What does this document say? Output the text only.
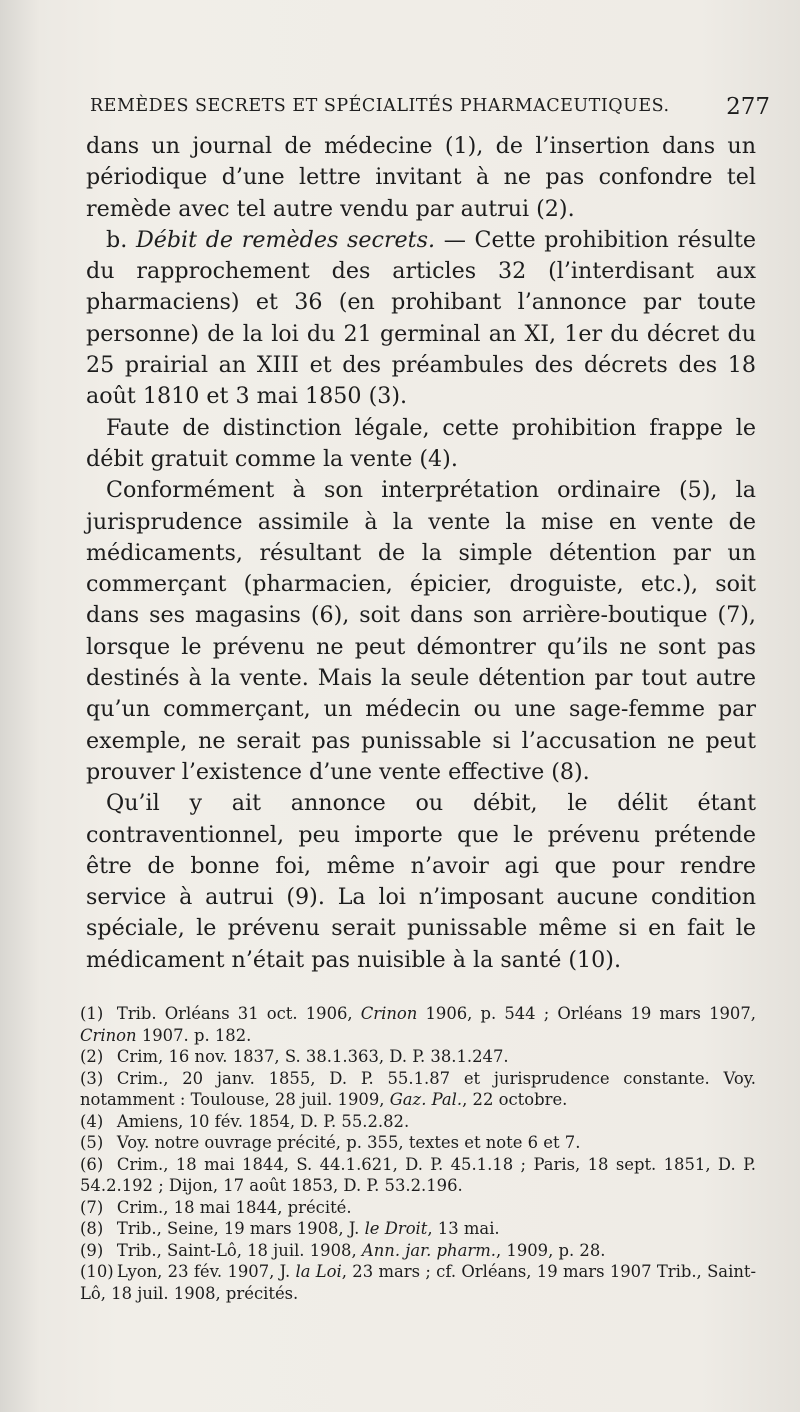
REMÈDES SECRETS ET SPÉCIALITÉS PHARMACEUTIQUES. 277

dans un journal de médecine (1), de l’insertion dans un périodique d’une lettre invitant à ne pas confondre tel remède avec tel autre vendu par autrui (2).

b. Débit de remèdes secrets. — Cette prohibition résulte du rapprochement des articles 32 (l’interdisant aux pharmaciens) et 36 (en prohibant l’annonce par toute personne) de la loi du 21 germinal an XI, 1er du décret du 25 prairial an XIII et des préambules des décrets des 18 août 1810 et 3 mai 1850 (3).

Faute de distinction légale, cette prohibition frappe le débit gratuit comme la vente (4).

Conformément à son interprétation ordinaire (5), la jurisprudence assimile à la vente la mise en vente de médicaments, résultant de la simple détention par un commerçant (pharmacien, épicier, droguiste, etc.), soit dans ses magasins (6), soit dans son arrière-boutique (7), lorsque le prévenu ne peut démontrer qu’ils ne sont pas destinés à la vente. Mais la seule détention par tout autre qu’un commerçant, un médecin ou une sage-femme par exemple, ne serait pas punissable si l’accusation ne peut prouver l’existence d’une vente effective (8).

Qu’il y ait annonce ou débit, le délit étant contraventionnel, peu importe que le prévenu prétende être de bonne foi, même n’avoir agi que pour rendre service à autrui (9). La loi n’imposant aucune condition spéciale, le prévenu serait punissable même si en fait le médicament n’était pas nuisible à la santé (10).

(1) Trib. Orléans 31 oct. 1906, Crinon 1906, p. 544 ; Orléans 19 mars 1907, Crinon 1907. p. 182.

(2) Crim, 16 nov. 1837, S. 38.1.363, D. P. 38.1.247.

(3) Crim., 20 janv. 1855, D. P. 55.1.87 et jurisprudence constante. Voy. notamment : Toulouse, 28 juil. 1909, Gaz. Pal., 22 octobre.

(4) Amiens, 10 fév. 1854, D. P. 55.2.82.

(5) Voy. notre ouvrage précité, p. 355, textes et note 6 et 7.

(6) Crim., 18 mai 1844, S. 44.1.621, D. P. 45.1.18 ; Paris, 18 sept. 1851, D. P. 54.2.192 ; Dijon, 17 août 1853, D. P. 53.2.196.

(7) Crim., 18 mai 1844, précité.

(8) Trib., Seine, 19 mars 1908, J. le Droit, 13 mai.

(9) Trib., Saint-Lô, 18 juil. 1908, Ann. jar. pharm., 1909, p. 28.

(10) Lyon, 23 fév. 1907, J. la Loi, 23 mars ; cf. Orléans, 19 mars 1907 Trib., Saint-Lô, 18 juil. 1908, précités.
